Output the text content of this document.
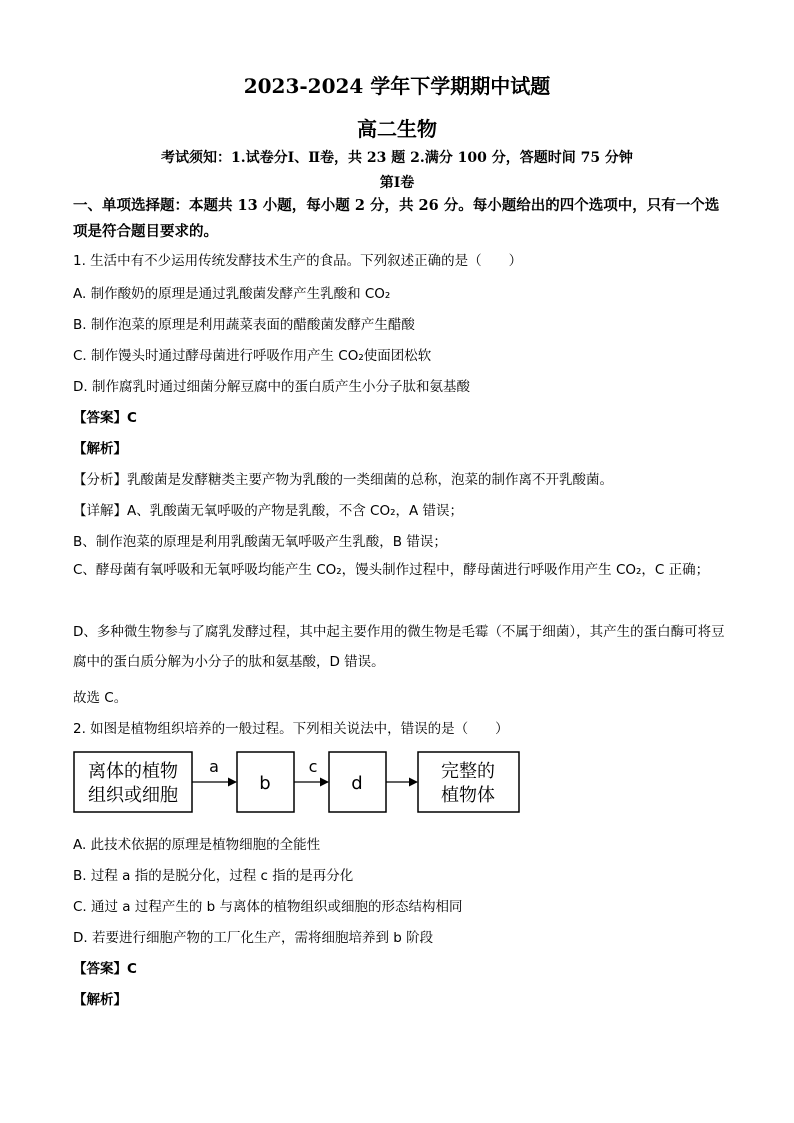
2023-2024 学年下学期期中试题
高二生物
考试须知：1.试卷分Ⅰ、Ⅱ卷，共 23 题 2.满分 100 分，答题时间 75 分钟
第Ⅰ卷
一、单项选择题：本题共 13 小题，每小题 2 分，共 26 分。每小题给出的四个选项中，只有一个选项是符合题目要求的。
1. 生活中有不少运用传统发酵技术生产的食品。下列叙述正确的是（　　）
A. 制作酸奶的原理是通过乳酸菌发酵产生乳酸和 CO₂
B. 制作泡菜的原理是利用蔬菜表面的醋酸菌发酵产生醋酸
C. 制作馒头时通过酵母菌进行呼吸作用产生 CO₂使面团松软
D. 制作腐乳时通过细菌分解豆腐中的蛋白质产生小分子肽和氨基酸
【答案】C
【解析】
【分析】乳酸菌是发酵糖类主要产物为乳酸的一类细菌的总称，泡菜的制作离不开乳酸菌。
【详解】A、乳酸菌无氧呼吸的产物是乳酸，不含 CO₂，A 错误；
B、制作泡菜的原理是利用乳酸菌无氧呼吸产生乳酸，B 错误；
C、酵母菌有氧呼吸和无氧呼吸均能产生 CO₂，馒头制作过程中，酵母菌进行呼吸作用产生 CO₂，C 正确；
D、多种微生物参与了腐乳发酵过程，其中起主要作用的微生物是毛霉（不属于细菌），其产生的蛋白酶可将豆腐中的蛋白质分解为小分子的肽和氨基酸，D 错误。
故选 C。
2. 如图是植物组织培养的一般过程。下列相关说法中，错误的是（　　）
离体的植物
组织或细胞
a
b
c
d
完整的
植物体
A. 此技术依据的原理是植物细胞的全能性
B. 过程 a 指的是脱分化，过程 c 指的是再分化
C. 通过 a 过程产生的 b 与离体的植物组织或细胞的形态结构相同
D. 若要进行细胞产物的工厂化生产，需将细胞培养到 b 阶段
【答案】C
【解析】
